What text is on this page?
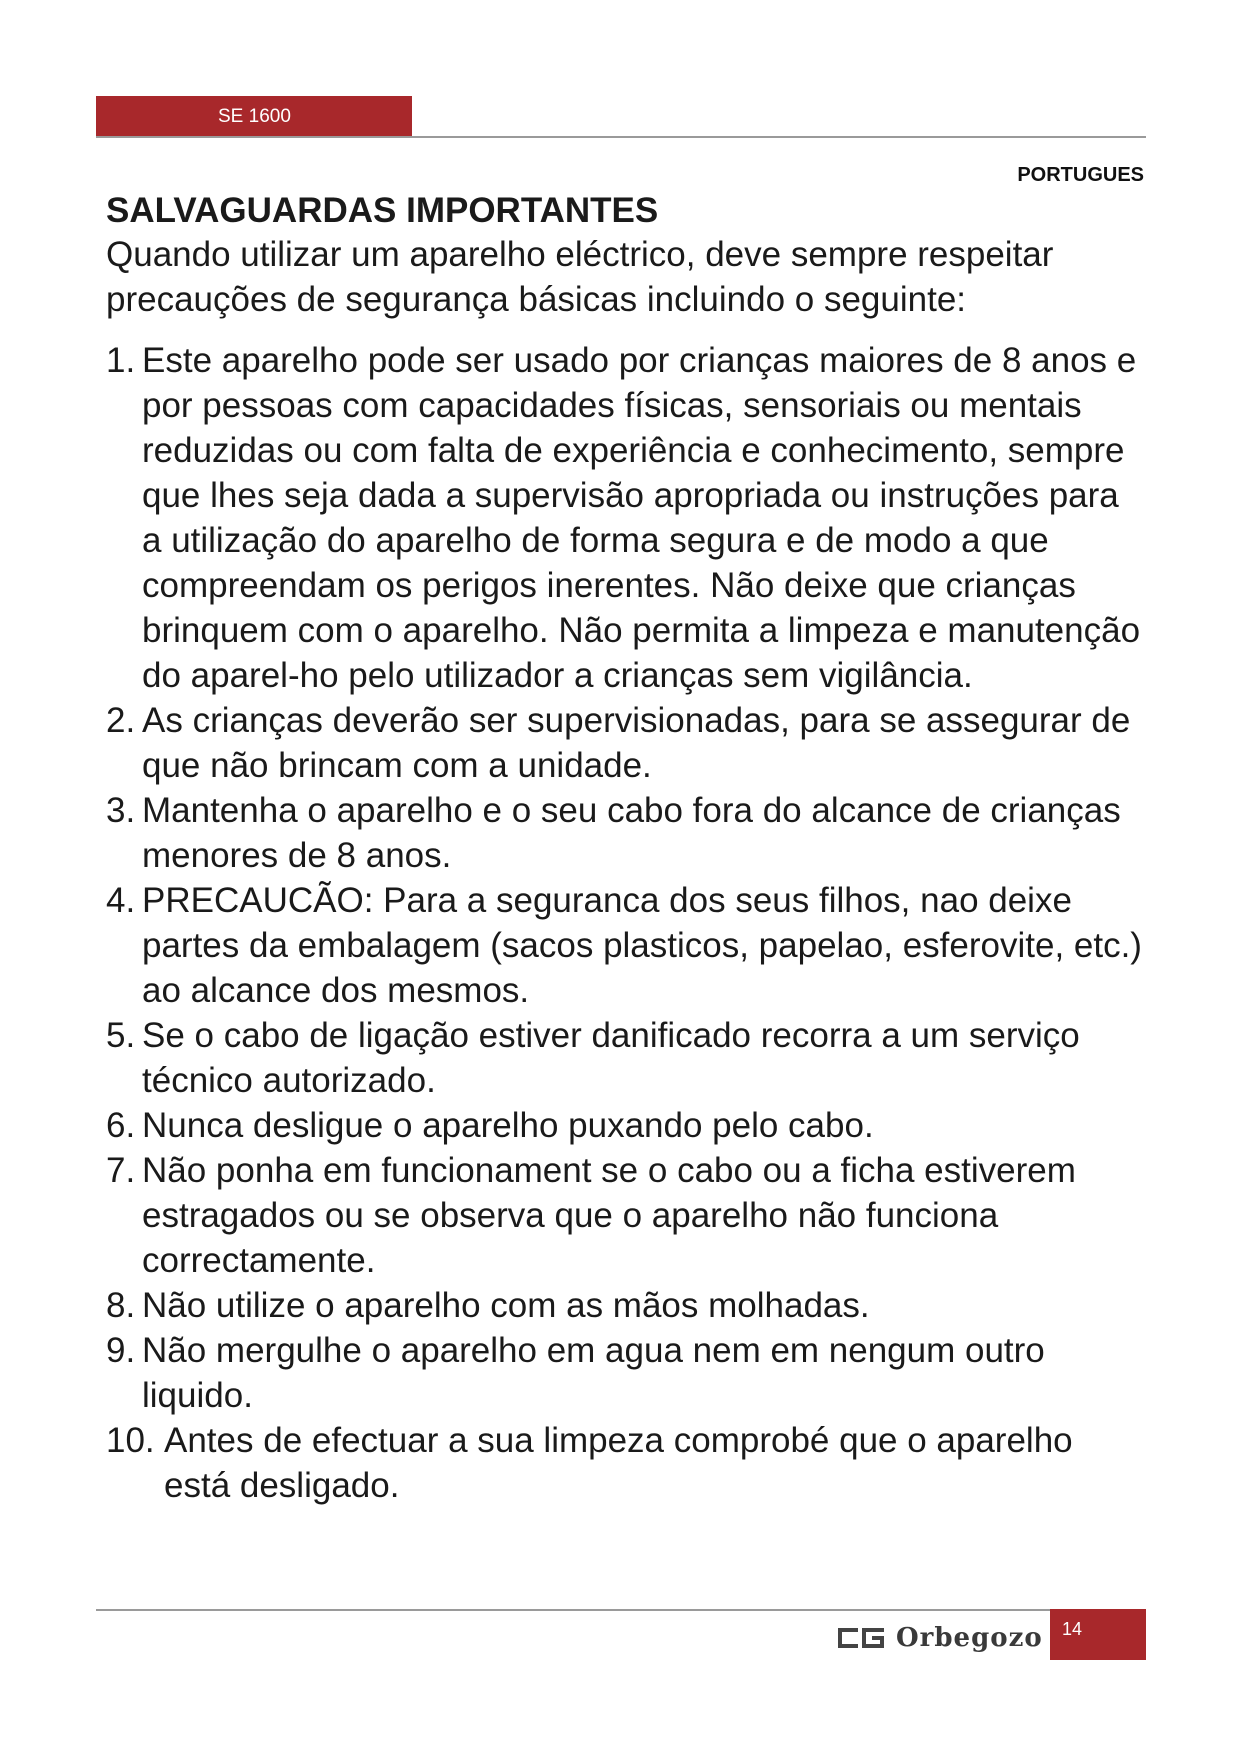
SE 1600
PORTUGUES
SALVAGUARDAS IMPORTANTES

Quando utilizar um aparelho eléctrico, deve sempre respeitar precauções de segurança básicas incluindo o seguinte:

1. Este aparelho pode ser usado por crianças maiores de 8 anos e por pessoas com capacidades físicas, sensoriais ou mentais reduzidas ou com falta de experiência e conhecimento, sempre que lhes seja dada a supervisão apropriada ou instruções para a utilização do aparelho de forma segura e de modo a que compreendam os perigos inerentes. Não deixe que crianças brinquem com o aparelho. Não permita a limpeza e manutenção do aparel-ho pelo utilizador a crianças sem vigilância.
2. As crianças deverão ser supervisionadas, para se assegurar de que não brincam com a unidade.
3. Mantenha o aparelho e o seu cabo fora do alcance de crianças menores de 8 anos.
4. PRECAUCÃO: Para a seguranca dos seus filhos, nao deixe partes da embalagem (sacos plasticos, papelao, esferovite, etc.) ao alcance dos mesmos.
5. Se o cabo de ligação estiver danificado recorra a um serviço técnico autorizado.
6. Nunca desligue o aparelho puxando pelo cabo.
7. Não ponha em funcionament se o cabo ou a ficha estiverem estragados ou se observa que o aparelho não funciona correctamente.
8. Não utilize o aparelho com as mãos molhadas.
9. Não mergulhe o aparelho em agua nem em nengum outro liquido.
10. Antes de efectuar a sua limpeza comprobé que o aparelho está desligado.
Orbegozo	14
